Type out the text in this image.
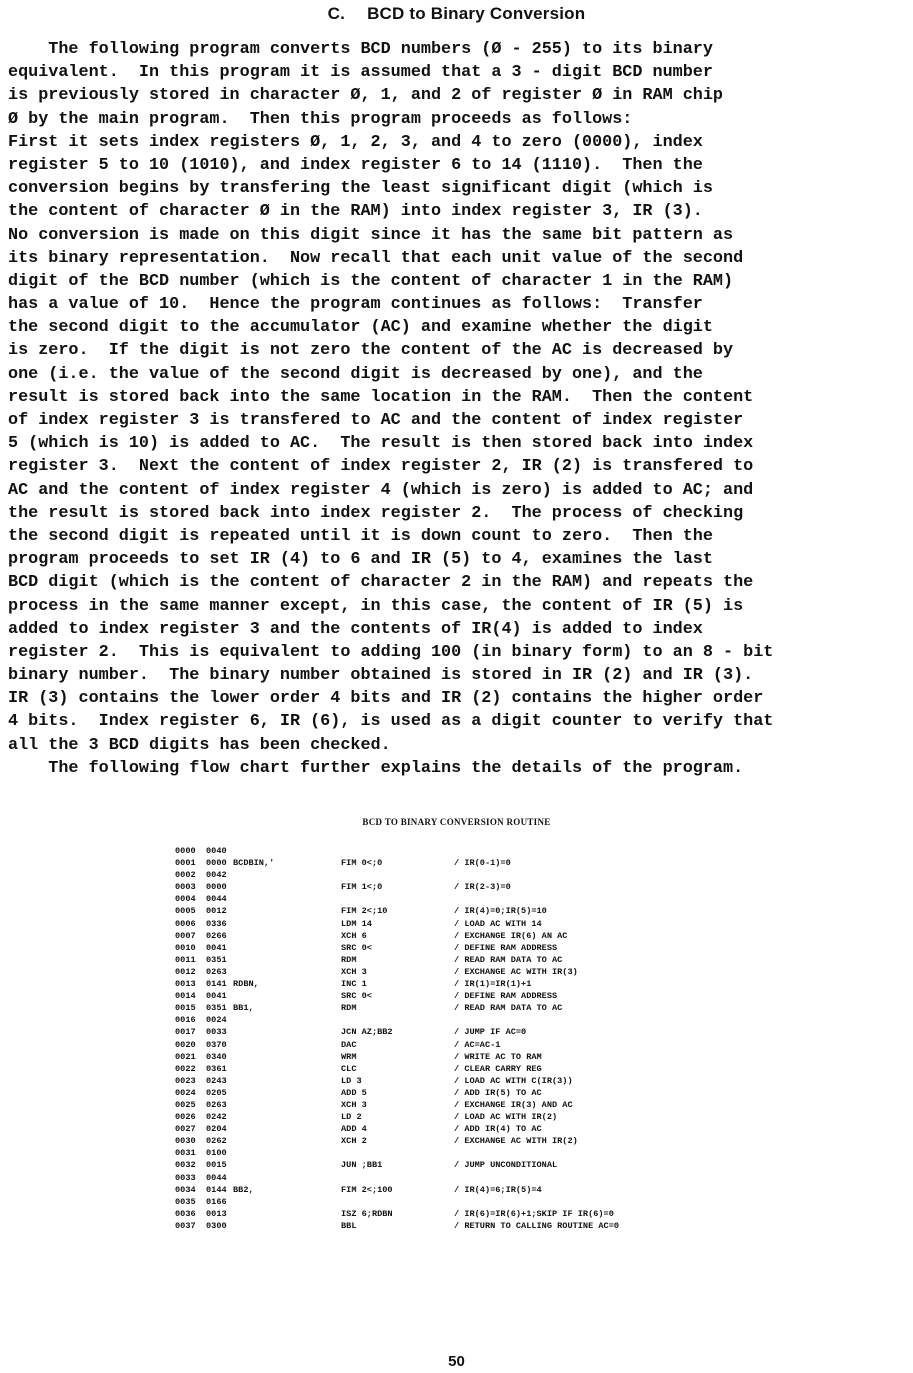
C. BCD to Binary Conversion
The following program converts BCD numbers (Ø - 255) to its binary
equivalent.  In this program it is assumed that a 3 - digit BCD number
is previously stored in character Ø, 1, and 2 of register Ø in RAM chip
Ø by the main program.  Then this program proceeds as follows:
First it sets index registers Ø, 1, 2, 3, and 4 to zero (0000), index
register 5 to 10 (1010), and index register 6 to 14 (1110).  Then the
conversion begins by transfering the least significant digit (which is
the content of character Ø in the RAM) into index register 3, IR (3).
No conversion is made on this digit since it has the same bit pattern as
its binary representation.  Now recall that each unit value of the second
digit of the BCD number (which is the content of character 1 in the RAM)
has a value of 10.  Hence the program continues as follows:  Transfer
the second digit to the accumulator (AC) and examine whether the digit
is zero.  If the digit is not zero the content of the AC is decreased by
one (i.e. the value of the second digit is decreased by one), and the
result is stored back into the same location in the RAM.  Then the content
of index register 3 is transfered to AC and the content of index register
5 (which is 10) is added to AC.  The result is then stored back into index
register 3.  Next the content of index register 2, IR (2) is transfered to
AC and the content of index register 4 (which is zero) is added to AC; and
the result is stored back into index register 2.  The process of checking
the second digit is repeated until it is down count to zero.  Then the
program proceeds to set IR (4) to 6 and IR (5) to 4, examines the last
BCD digit (which is the content of character 2 in the RAM) and repeats the
process in the same manner except, in this case, the content of IR (5) is
added to index register 3 and the contents of IR(4) is added to index
register 2.  This is equivalent to adding 100 (in binary form) to an 8 - bit
binary number.  The binary number obtained is stored in IR (2) and IR (3).
IR (3) contains the lower order 4 bits and IR (2) contains the higher order
4 bits.  Index register 6, IR (6), is used as a digit counter to verify that
all the 3 BCD digits has been checked.
The following flow chart further explains the details of the program.
BCD TO BINARY CONVERSION ROUTINE
0000 0040
0001 0000 BCDBIN,'	FIM 0<;0	/ IR(0-1)=0
0002 0042
0003 0000	FIM 1<;0	/ IR(2-3)=0
0004 0044
0005 0012	FIM 2<;10	/ IR(4)=0;IR(5)=10
0006 0336	LDM 14	/ LOAD AC WITH 14
0007 0266	XCH 6	/ EXCHANGE IR(6) AN AC
0010 0041	SRC 0<	/ DEFINE RAM ADDRESS
0011 0351	RDM	/ READ RAM DATA TO AC
0012 0263	XCH 3	/ EXCHANGE AC WITH IR(3)
0013 0141 RDBN,	INC 1	/ IR(1)=IR(1)+1
0014 0041	SRC 0<	/ DEFINE RAM ADDRESS
0015 0351 BB1,	RDM	/ READ RAM DATA TO AC
0016 0024
0017 0033	JCN AZ;BB2	/ JUMP IF AC=0
0020 0370	DAC	/ AC=AC-1
0021 0340	WRM	/ WRITE AC TO RAM
0022 0361	CLC	/ CLEAR CARRY REG
0023 0243	LD 3	/ LOAD AC WITH C(IR(3))
0024 0205	ADD 5	/ ADD IR(5) TO AC
0025 0263	XCH 3	/ EXCHANGE IR(3) AND AC
0026 0242	LD 2	/ LOAD AC WITH IR(2)
0027 0204	ADD 4	/ ADD IR(4) TO AC
0030 0262	XCH 2	/ EXCHANGE AC WITH IR(2)
0031 0100
0032 0015	JUN ;BB1	/ JUMP UNCONDITIONAL
0033 0044
0034 0144 BB2,	FIM 2<;100	/ IR(4)=6;IR(5)=4
0035 0166
0036 0013	ISZ 6;RDBN	/ IR(6)=IR(6)+1;SKIP IF IR(6)=0
0037 0300	BBL	/ RETURN TO CALLING ROUTINE AC=0
50
